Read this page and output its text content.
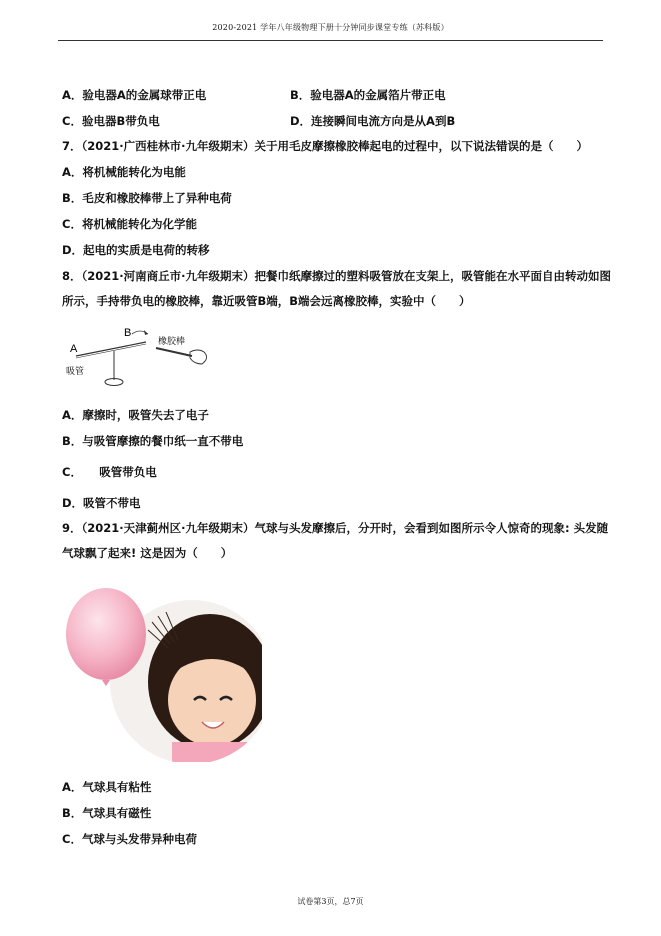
2020-2021 学年八年级物理下册十分钟同步课堂专练（苏科版）
A．验电器A的金属球带正电	B．验电器A的金属箔片带正电
C．验电器B带负电	D．连接瞬间电流方向是从A到B
7．（2021·广西桂林市·九年级期末）关于用毛皮摩擦橡胶棒起电的过程中，以下说法错误的是（　　）
A．将机械能转化为电能
B．毛皮和橡胶棒带上了异种电荷
C．将机械能转化为化学能
D．起电的实质是电荷的转移
8．（2021·河南商丘市·九年级期末）把餐巾纸摩擦过的塑料吸管放在支架上，吸管能在水平面自由转动如图
所示，手持带负电的橡胶棒，靠近吸管B端，B端会远离橡胶棒，实验中（　　）
A
B
吸管
橡胶棒
A．摩擦时，吸管失去了电子
B．与吸管摩擦的餐巾纸一直不带电
C．　　吸管带负电
D．吸管不带电
9．（2021·天津蓟州区·九年级期末）气球与头发摩擦后，分开时，会看到如图所示令人惊奇的现象: 头发随
气球飘了起来! 这是因为（　　）
A．气球具有粘性
B．气球具有磁性
C．气球与头发带异种电荷
试卷第3页，总7页
